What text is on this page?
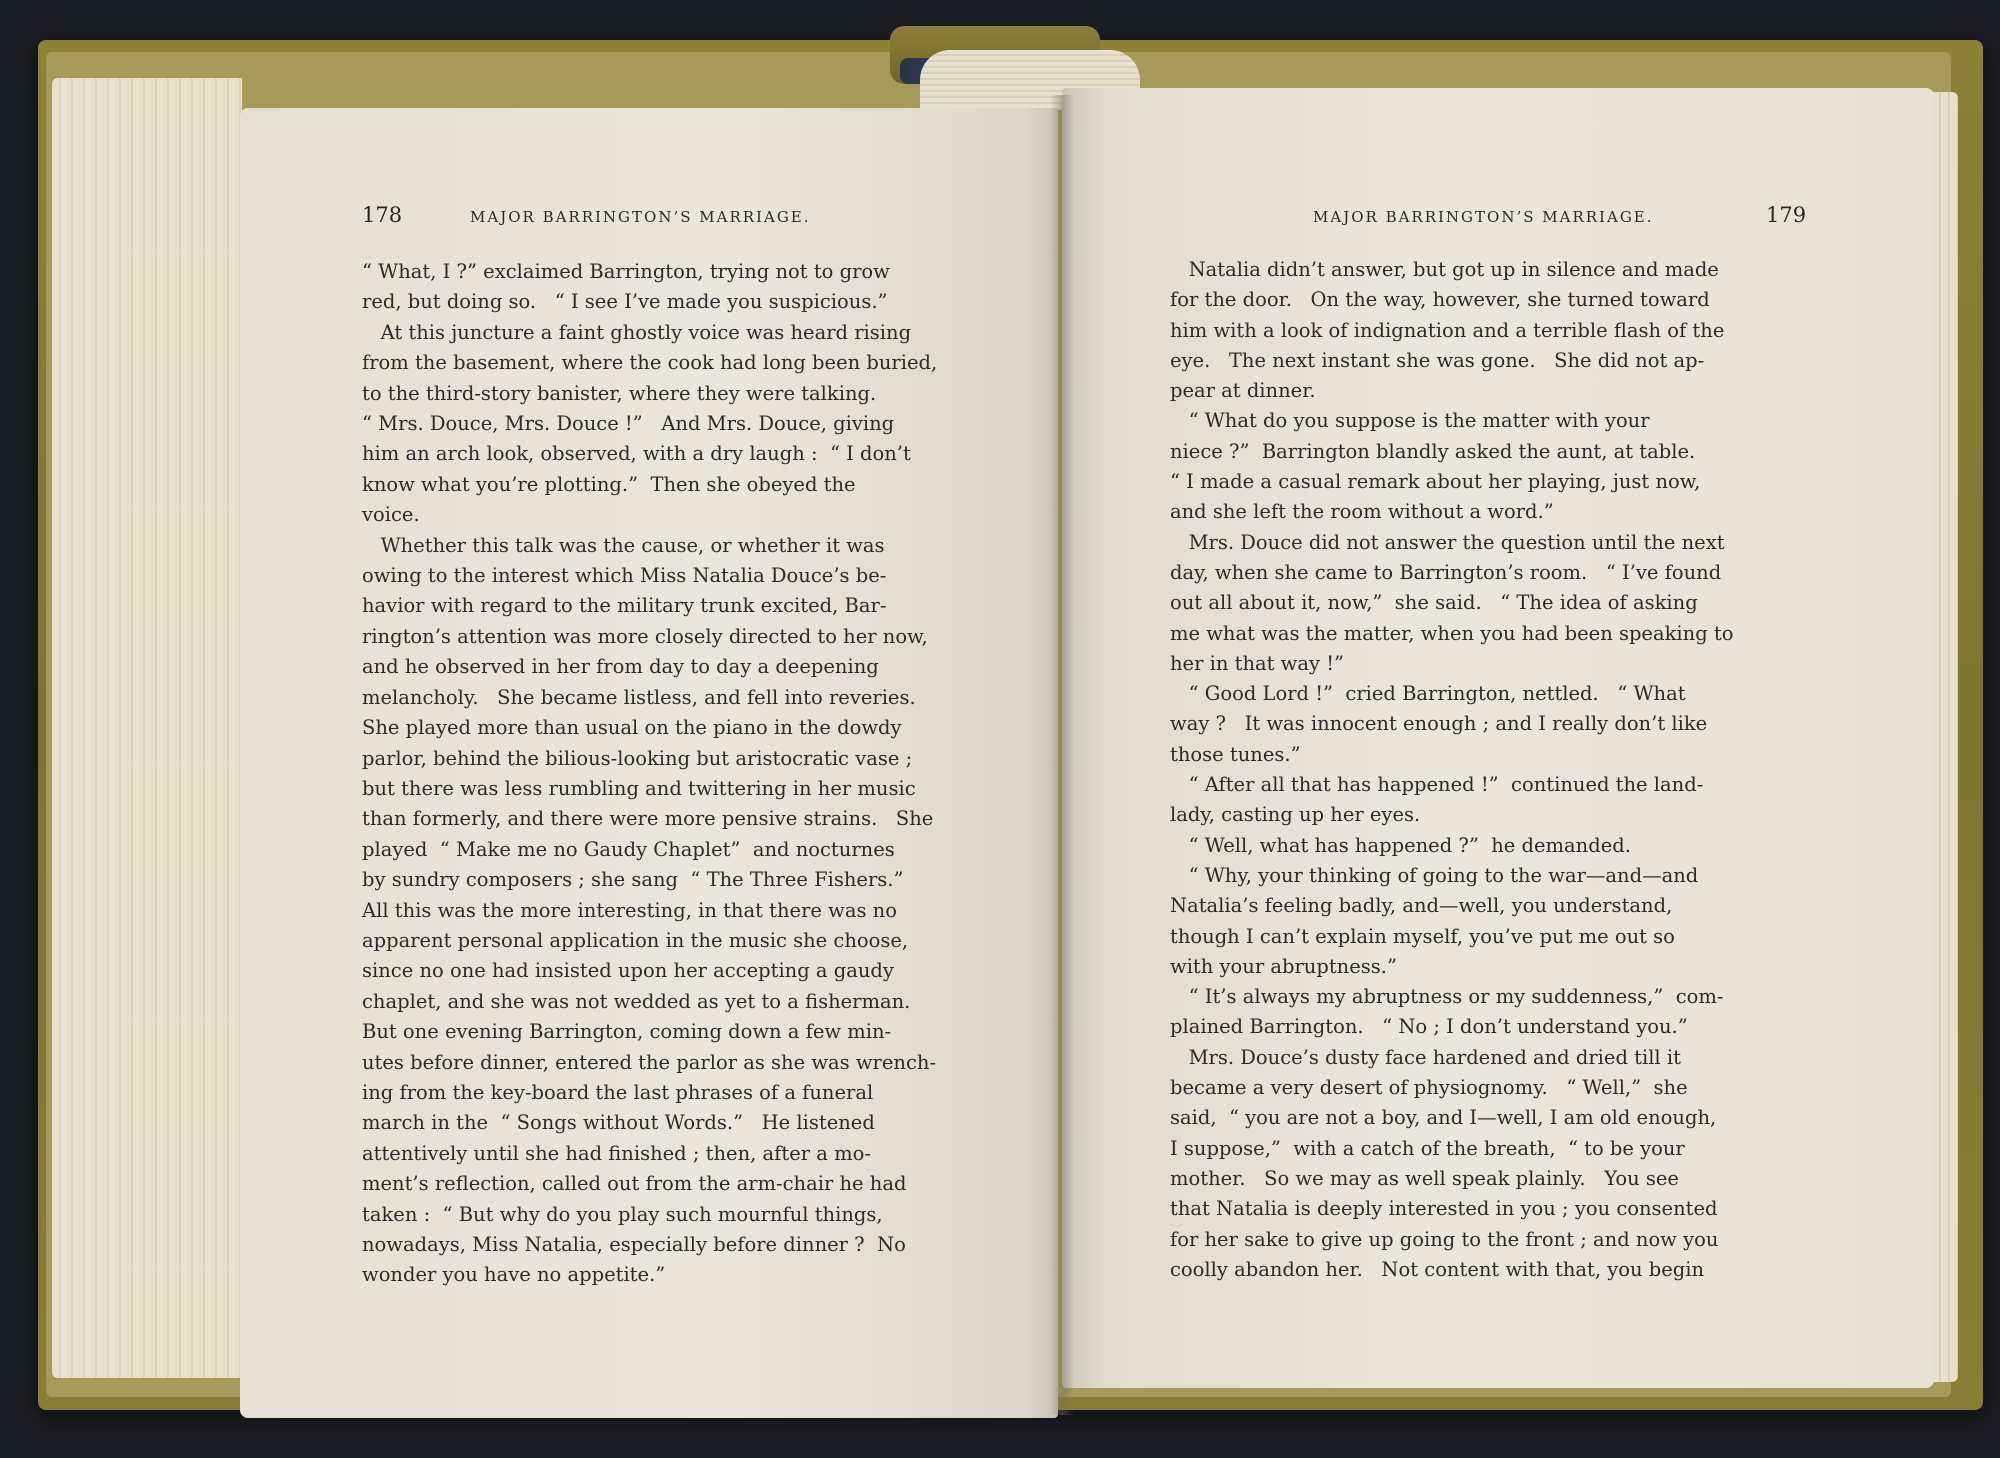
178	MAJOR BARRINGTON’S MARRIAGE.	MAJOR BARRINGTON’S MARRIAGE.	179
“ What, I ?” exclaimed Barrington, trying not to grow
red, but doing so.   “ I see I’ve made you suspicious.”
At this juncture a faint ghostly voice was heard rising
from the basement, where the cook had long been buried,
to the third-story banister, where they were talking.
“ Mrs. Douce, Mrs. Douce !”   And Mrs. Douce, giving
him an arch look, observed, with a dry laugh :  “ I don’t
know what you’re plotting.”  Then she obeyed the
voice.
Whether this talk was the cause, or whether it was
owing to the interest which Miss Natalia Douce’s be-
havior with regard to the military trunk excited, Bar-
rington’s attention was more closely directed to her now,
and he observed in her from day to day a deepening
melancholy.   She became listless, and fell into reveries.
She played more than usual on the piano in the dowdy
parlor, behind the bilious-looking but aristocratic vase ;
but there was less rumbling and twittering in her music
than formerly, and there were more pensive strains.   She
played  “ Make me no Gaudy Chaplet”  and nocturnes
by sundry composers ; she sang  “ The Three Fishers.”
All this was the more interesting, in that there was no
apparent personal application in the music she choose,
since no one had insisted upon her accepting a gaudy
chaplet, and she was not wedded as yet to a fisherman.
But one evening Barrington, coming down a few min-
utes before dinner, entered the parlor as she was wrench-
ing from the key-board the last phrases of a funeral
march in the  “ Songs without Words.”   He listened
attentively until she had finished ; then, after a mo-
ment’s reflection, called out from the arm-chair he had
taken :  “ But why do you play such mournful things,
nowadays, Miss Natalia, especially before dinner ?  No
wonder you have no appetite.”
Natalia didn’t answer, but got up in silence and made
for the door.   On the way, however, she turned toward
him with a look of indignation and a terrible flash of the
eye.   The next instant she was gone.   She did not ap-
pear at dinner.
“ What do you suppose is the matter with your
niece ?”  Barrington blandly asked the aunt, at table.
“ I made a casual remark about her playing, just now,
and she left the room without a word.”
Mrs. Douce did not answer the question until the next
day, when she came to Barrington’s room.   “ I’ve found
out all about it, now,”  she said.   “ The idea of asking
me what was the matter, when you had been speaking to
her in that way !”
“ Good Lord !”  cried Barrington, nettled.   “ What
way ?   It was innocent enough ; and I really don’t like
those tunes.”
“ After all that has happened !”  continued the land-
lady, casting up her eyes.
“ Well, what has happened ?”  he demanded.
“ Why, your thinking of going to the war—and—and
Natalia’s feeling badly, and—well, you understand,
though I can’t explain myself, you’ve put me out so
with your abruptness.”
“ It’s always my abruptness or my suddenness,”  com-
plained Barrington.   “ No ; I don’t understand you.”
Mrs. Douce’s dusty face hardened and dried till it
became a very desert of physiognomy.   “ Well,”  she
said,  “ you are not a boy, and I—well, I am old enough,
I suppose,”  with a catch of the breath,  “ to be your
mother.   So we may as well speak plainly.   You see
that Natalia is deeply interested in you ; you consented
for her sake to give up going to the front ; and now you
coolly abandon her.   Not content with that, you begin
